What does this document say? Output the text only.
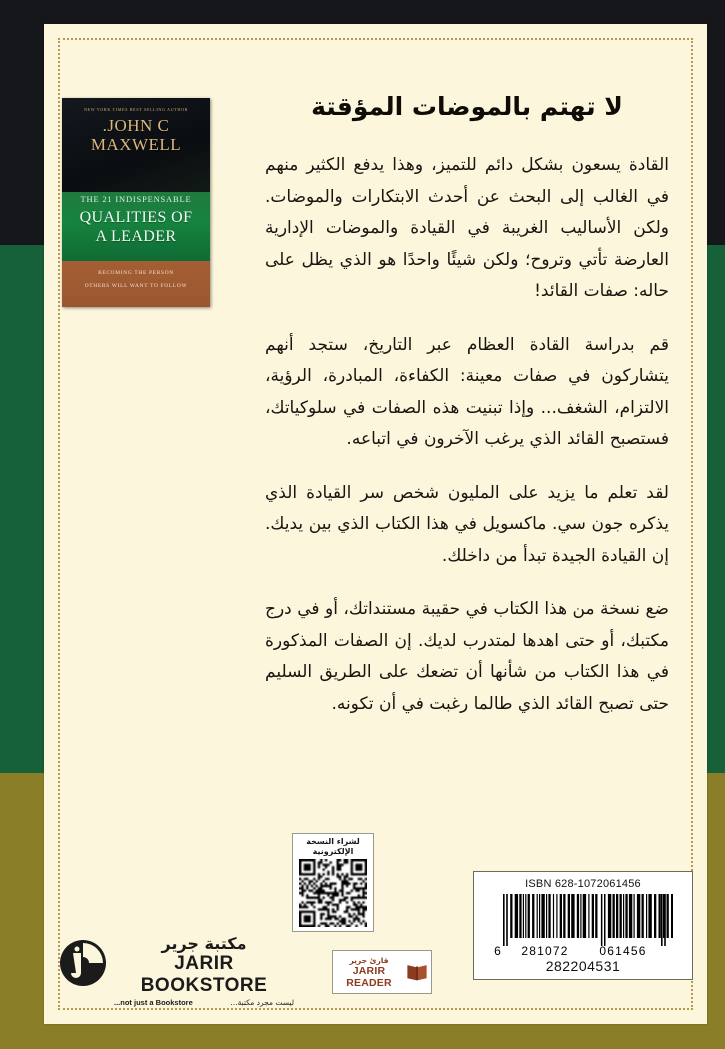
NEW YORK TIMES BEST SELLING AUTHOR
JOHN C.
MAXWELL
THE 21 INDISPENSABLE
QUALITIES OF
A LEADER
BECOMING THE PERSON
OTHERS WILL WANT TO FOLLOW
لا تهتم بالموضات المؤقتة

القادة يسعون بشكل دائم للتميز، وهذا يدفع الكثير منهم في الغالب إلى البحث عن أحدث الابتكارات والموضات. ولكن الأساليب الغريبة في القيادة والموضات الإدارية العارضة تأتي وتروح؛ ولكن شيئًا واحدًا هو الذي يظل على حاله: صفات القائد!

قم بدراسة القادة العظام عبر التاريخ، ستجد أنهم يتشاركون في صفات معينة: الكفاءة، المبادرة، الرؤية، الالتزام، الشغف... وإذا تبنيت هذه الصفات في سلوكياتك، فستصبح القائد الذي يرغب الآخرون في اتباعه.

لقد تعلم ما يزيد على المليون شخص سر القيادة الذي يذكره جون سي. ماكسويل في هذا الكتاب الذي بين يديك. إن القيادة الجيدة تبدأ من داخلك.

ضع نسخة من هذا الكتاب في حقيبة مستنداتك، أو في درج مكتبك، أو حتى اهدها لمتدرب لديك. إن الصفات المذكورة في هذا الكتاب من شأنها أن تضعك على الطريق السليم حتى تصبح القائد الذي طالما رغبت في أن تكونه.

مكتبة جرير
JARIR BOOKSTORE
...not just a Bookstore	ليست مجرد مكتبة...
لشراء النسخة
الإلكترونية
قارئ جرير
JARIR READER
ISBN 628-1072061456
6 281072	061456
282204531
